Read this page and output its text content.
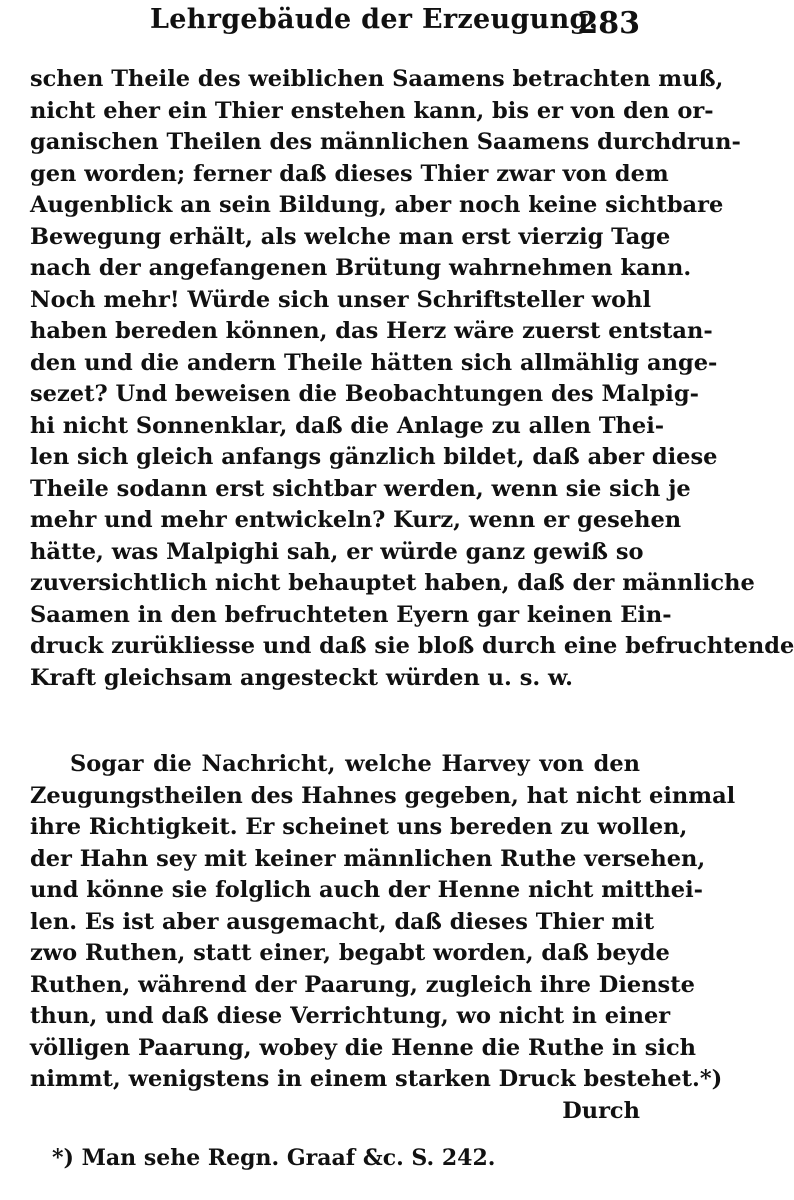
Lehrgebäude der Erzeugung.
283
schen Theile des weiblichen Saamens betrachten muß,
nicht eher ein Thier enstehen kann, bis er von den or-
ganischen Theilen des männlichen Saamens durchdrun-
gen worden; ferner daß dieses Thier zwar von dem
Augenblick an sein Bildung, aber noch keine sichtbare
Bewegung erhält, als welche man erst vierzig Tage
nach der angefangenen Brütung wahrnehmen kann.
Noch mehr! Würde sich unser Schriftsteller wohl
haben bereden können, das Herz wäre zuerst entstan-
den und die andern Theile hätten sich allmählig ange-
sezet? Und beweisen die Beobachtungen des Malpig-
hi nicht Sonnenklar, daß die Anlage zu allen Thei-
len sich gleich anfangs gänzlich bildet, daß aber diese
Theile sodann erst sichtbar werden, wenn sie sich je
mehr und mehr entwickeln? Kurz, wenn er gesehen
hätte, was Malpighi sah, er würde ganz gewiß so
zuversichtlich nicht behauptet haben, daß der männliche
Saamen in den befruchteten Eyern gar keinen Ein-
druck zurükliesse und daß sie bloß durch eine befruchtende
Kraft gleichsam angesteckt würden u. s. w.
Sogar die Nachricht, welche Harvey von den
Zeugungstheilen des Hahnes gegeben, hat nicht einmal
ihre Richtigkeit. Er scheinet uns bereden zu wollen,
der Hahn sey mit keiner männlichen Ruthe versehen,
und könne sie folglich auch der Henne nicht mitthei-
len. Es ist aber ausgemacht, daß dieses Thier mit
zwo Ruthen, statt einer, begabt worden, daß beyde
Ruthen, während der Paarung, zugleich ihre Dienste
thun, und daß diese Verrichtung, wo nicht in einer
völligen Paarung, wobey die Henne die Ruthe in sich
nimmt, wenigstens in einem starken Druck bestehet.*)
Durch
*) Man sehe Regn. Graaf &c. S. 242.
